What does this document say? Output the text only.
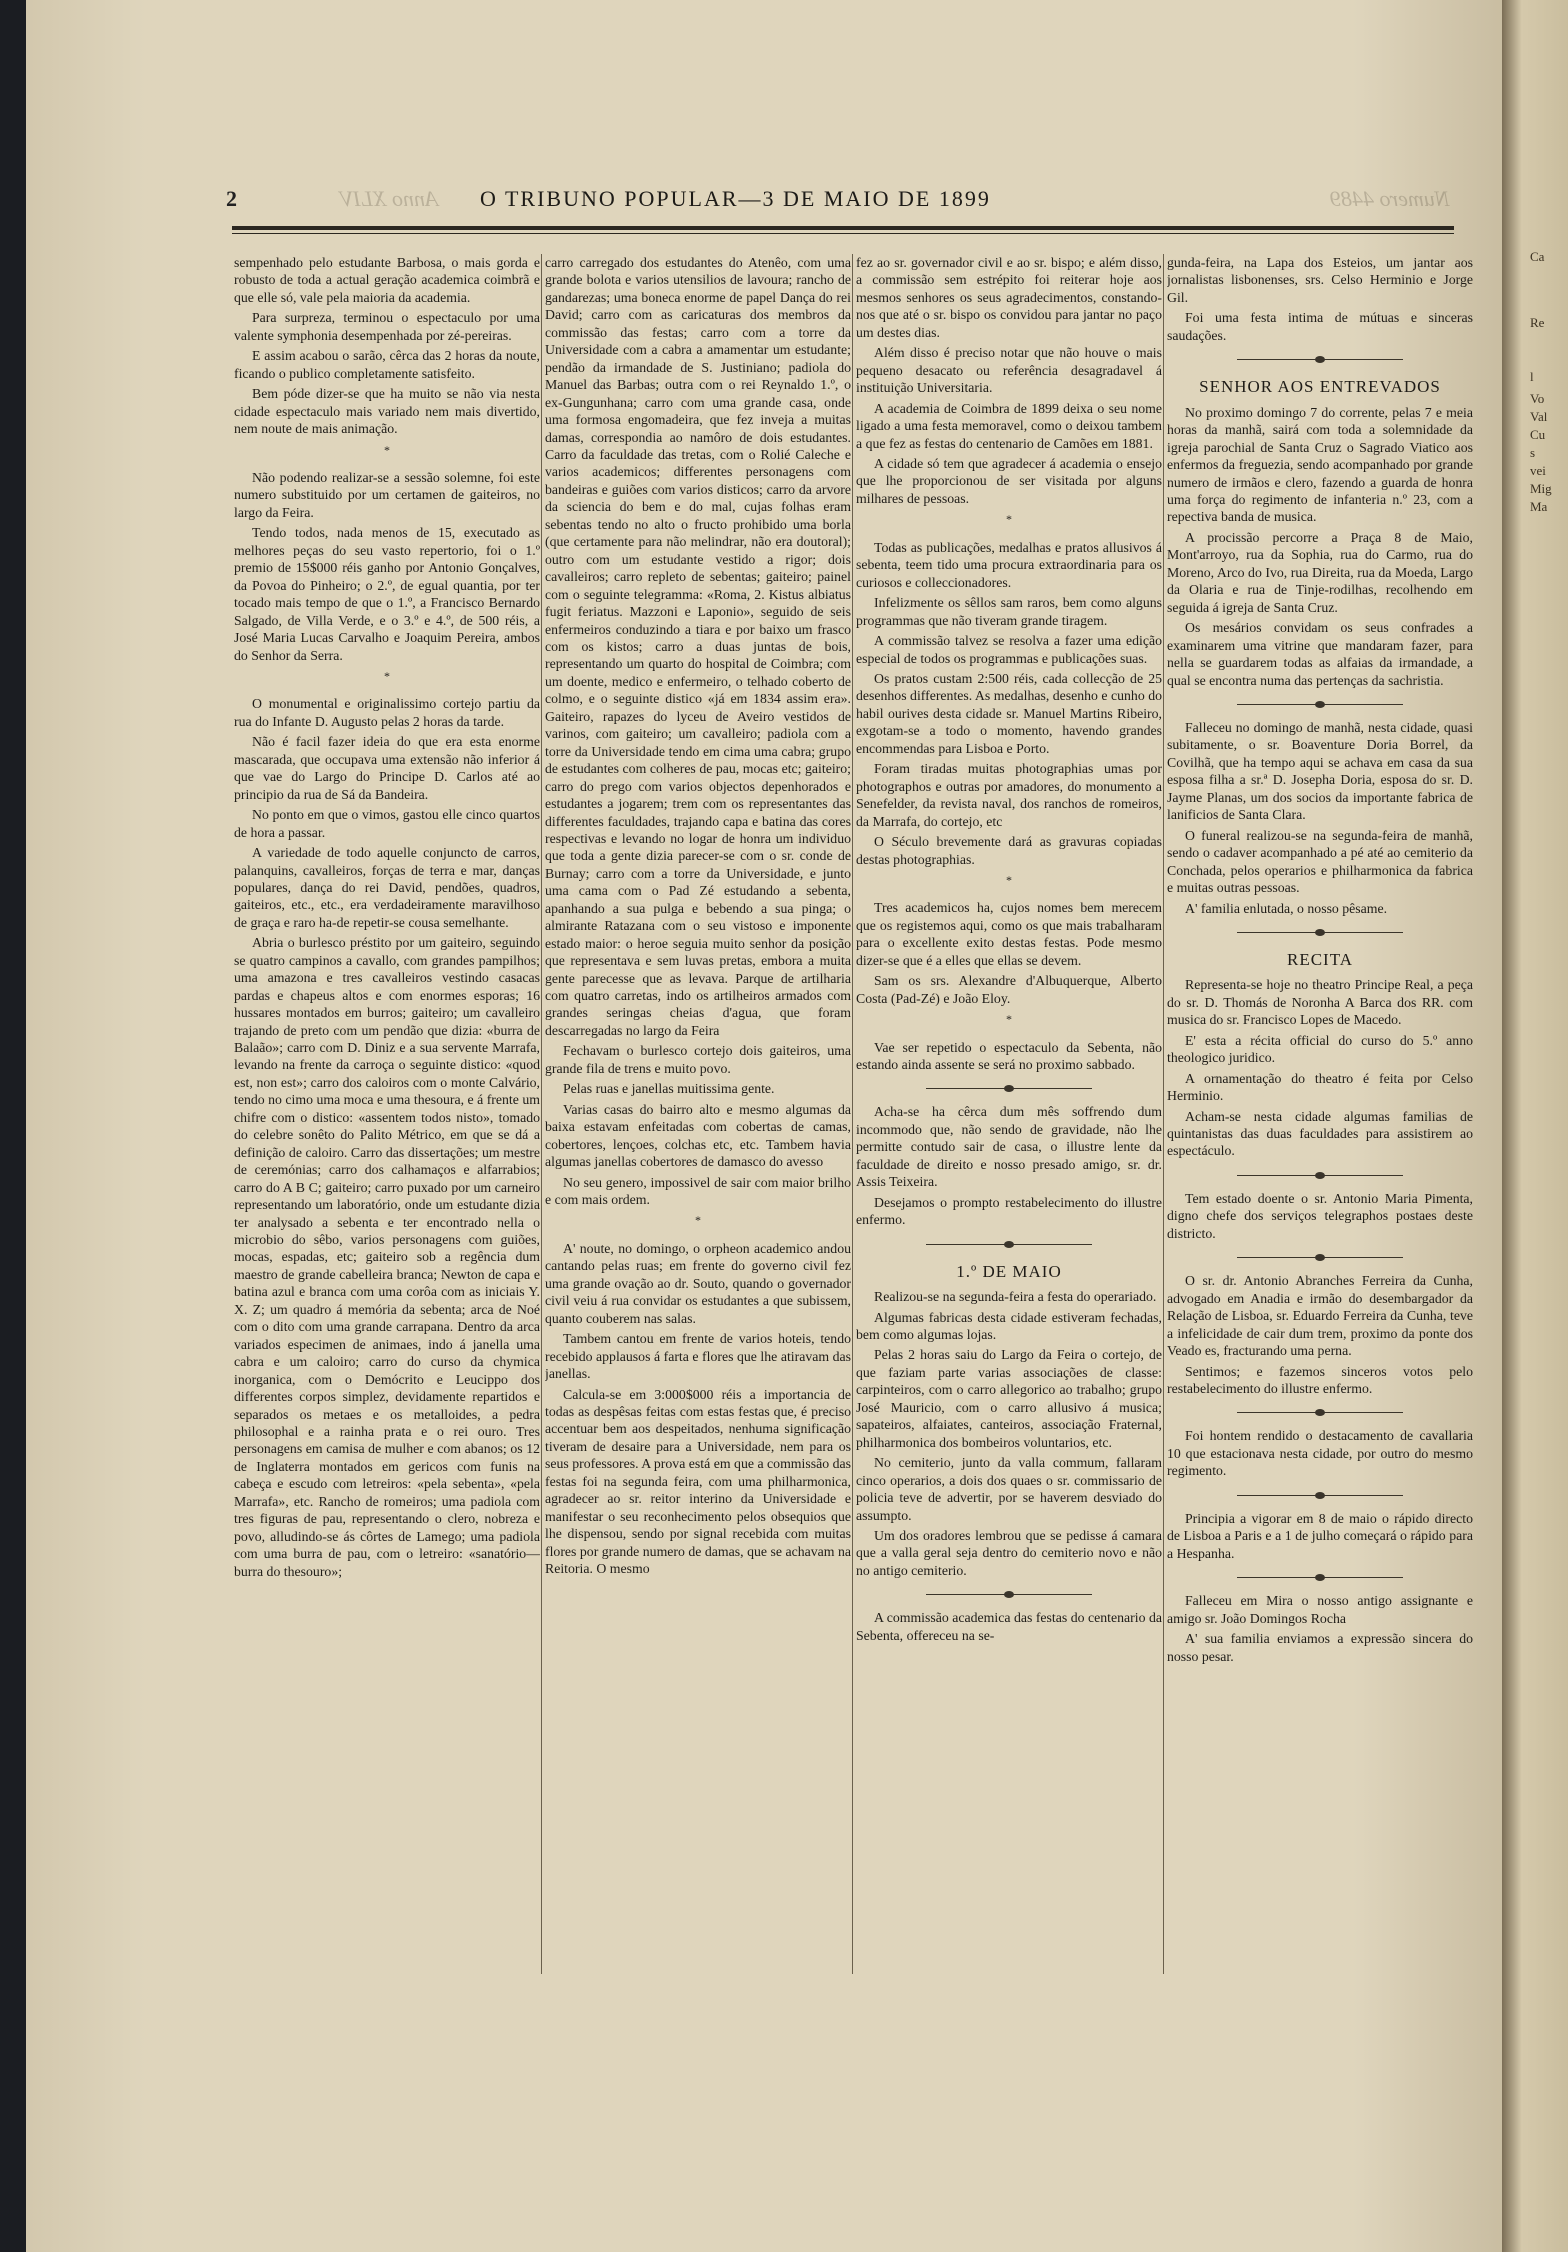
Ca
Re
l
Vo
Val
Cu
s
vei
Mig
Ma
2	Anno XLIV O TRIBUNO POPULAR—3 DE MAIO DE 1899	Numero 4489

sempenhado pelo estudante Barbosa, o mais gorda e robusto de toda a actual geração academica coimbrã e que elle só, vale pela maioria da academia.

Para surpreza, terminou o espectaculo por uma valente symphonia desempenhada por zé-pereiras.

E assim acabou o sarão, cêrca das 2 horas da noute, ficando o publico completamente satisfeito.

Bem póde dizer-se que ha muito se não via nesta cidade espectaculo mais variado nem mais divertido, nem noute de mais animação.

*

Não podendo realizar-se a sessão solemne, foi este numero substituido por um certamen de gaiteiros, no largo da Feira.

Tendo todos, nada menos de 15, executado as melhores peças do seu vasto repertorio, foi o 1.º premio de 15$000 réis ganho por Antonio Gonçalves, da Povoa do Pinheiro; o 2.º, de egual quantia, por ter tocado mais tempo de que o 1.º, a Francisco Bernardo Salgado, de Villa Verde, e o 3.º e 4.º, de 500 réis, a José Maria Lucas Carvalho e Joaquim Pereira, ambos do Senhor da Serra.

*

O monumental e originalissimo cortejo partiu da rua do Infante D. Augusto pelas 2 horas da tarde.

Não é facil fazer ideia do que era esta enorme mascarada, que occupava uma extensão não inferior á que vae do Largo do Principe D. Carlos até ao principio da rua de Sá da Bandeira.

No ponto em que o vimos, gastou elle cinco quartos de hora a passar.

A variedade de todo aquelle conjuncto de carros, palanquins, cavalleiros, forças de terra e mar, danças populares, dança do rei David, pendões, quadros, gaiteiros, etc., etc., era verdadeiramente maravilhoso de graça e raro ha-de repetir-se cousa semelhante.

Abria o burlesco préstito por um gaiteiro, seguindo se quatro campinos a cavallo, com grandes pampilhos; uma amazona e tres cavalleiros vestindo casacas pardas e chapeus altos e com enormes esporas; 16 hussares montados em burros; gaiteiro; um cavalleiro trajando de preto com um pendão que dizia: «burra de Balaão»; carro com D. Diniz e a sua servente Marrafa, levando na frente da carroça o seguinte distico: «quod est, non est»; carro dos caloiros com o monte Calvário, tendo no cimo uma moca e uma thesoura, e á frente um chifre com o distico: «assentem todos nisto», tomado do celebre sonêto do Palito Métrico, em que se dá a definição de caloiro. Carro das dissertações; um mestre de ceremónias; carro dos calhamaços e alfarrabios; carro do A B C; gaiteiro; carro puxado por um carneiro representando um laboratório, onde um estudante dizia ter analysado a sebenta e ter encontrado nella o microbio do sêbo, varios personagens com guiões, mocas, espadas, etc; gaiteiro sob a regência dum maestro de grande cabelleira branca; Newton de capa e batina azul e branca com uma corôa com as iniciais Y. X. Z; um quadro á memória da sebenta; arca de Noé com o dito com uma grande carrapana. Dentro da arca variados especimen de animaes, indo á janella uma cabra e um caloiro; carro do curso da chymica inorganica, com o Demócrito e Leucippo dos differentes corpos simplez, devidamente repartidos e separados os metaes e os metalloides, a pedra philosophal e a rainha prata e o rei ouro. Tres personagens em camisa de mulher e com abanos; os 12 de Inglaterra montados em gericos com funis na cabeça e escudo com letreiros: «pela sebenta», «pela Marrafa», etc. Rancho de romeiros; uma padiola com tres figuras de pau, representando o clero, nobreza e povo, alludindo-se ás côrtes de Lamego; uma padiola com uma burra de pau, com o letreiro: «sanatório—burra do thesouro»;

carro carregado dos estudantes do Atenêo, com uma grande bolota e varios utensilios de lavoura; rancho de gandarezas; uma boneca enorme de papel Dança do rei David; carro com as caricaturas dos membros da commissão das festas; carro com a torre da Universidade com a cabra a amamentar um estudante; pendão da irmandade de S. Justiniano; padiola do Manuel das Barbas; outra com o rei Reynaldo 1.º, o ex-Gungunhana; carro com uma grande casa, onde uma formosa engomadeira, que fez inveja a muitas damas, correspondia ao namôro de dois estudantes. Carro da faculdade das tretas, com o Rolié Caleche e varios academicos; differentes personagens com bandeiras e guiões com varios disticos; carro da arvore da sciencia do bem e do mal, cujas folhas eram sebentas tendo no alto o fructo prohibido uma borla (que certamente para não melindrar, não era doutoral); outro com um estudante vestido a rigor; dois cavalleiros; carro repleto de sebentas; gaiteiro; painel com o seguinte telegramma: «Roma, 2. Kistus albiatus fugit feriatus. Mazzoni e Laponio», seguido de seis enfermeiros conduzindo a tiara e por baixo um frasco com os kistos; carro a duas juntas de bois, representando um quarto do hospital de Coimbra; com um doente, medico e enfermeiro, o telhado coberto de colmo, e o seguinte distico «já em 1834 assim era». Gaiteiro, rapazes do lyceu de Aveiro vestidos de varinos, com gaiteiro; um cavalleiro; padiola com a torre da Universidade tendo em cima uma cabra; grupo de estudantes com colheres de pau, mocas etc; gaiteiro; carro do prego com varios objectos depenhorados e estudantes a jogarem; trem com os representantes das differentes faculdades, trajando capa e batina das cores respectivas e levando no logar de honra um individuo que toda a gente dizia parecer-se com o sr. conde de Burnay; carro com a torre da Universidade, e junto uma cama com o Pad Zé estudando a sebenta, apanhando a sua pulga e bebendo a sua pinga; o almirante Ratazana com o seu vistoso e imponente estado maior: o heroe seguia muito senhor da posição que representava e sem luvas pretas, embora a muita gente parecesse que as levava. Parque de artilharia com quatro carretas, indo os artilheiros armados com grandes seringas cheias d'agua, que foram descarregadas no largo da Feira

Fechavam o burlesco cortejo dois gaiteiros, uma grande fila de trens e muito povo.

Pelas ruas e janellas muitissima gente.

Varias casas do bairro alto e mesmo algumas da baixa estavam enfeitadas com cobertas de camas, cobertores, lençoes, colchas etc, etc. Tambem havia algumas janellas cobertores de damasco do avesso

No seu genero, impossivel de sair com maior brilho e com mais ordem.

*

A' noute, no domingo, o orpheon academico andou cantando pelas ruas; em frente do governo civil fez uma grande ovação ao dr. Souto, quando o governador civil veiu á rua convidar os estudantes a que subissem, quanto couberem nas salas.

Tambem cantou em frente de varios hoteis, tendo recebido applausos á farta e flores que lhe atiravam das janellas.

Calcula-se em 3:000$000 réis a importancia de todas as despêsas feitas com estas festas que, é preciso accentuar bem aos despeitados, nenhuma significação tiveram de desaire para a Universidade, nem para os seus professores. A prova está em que a commissão das festas foi na segunda feira, com uma philharmonica, agradecer ao sr. reitor interino da Universidade e manifestar o seu reconhecimento pelos obsequios que lhe dispensou, sendo por signal recebida com muitas flores por grande numero de damas, que se achavam na Reitoria. O mesmo

fez ao sr. governador civil e ao sr. bispo; e além disso, a commissão sem estrépito foi reiterar hoje aos mesmos senhores os seus agradecimentos, constando-nos que até o sr. bispo os convidou para jantar no paço um destes dias.

Além disso é preciso notar que não houve o mais pequeno desacato ou referência desagradavel á instituição Universitaria.

A academia de Coimbra de 1899 deixa o seu nome ligado a uma festa memoravel, como o deixou tambem a que fez as festas do centenario de Camões em 1881.

A cidade só tem que agradecer á academia o ensejo que lhe proporcionou de ser visitada por alguns milhares de pessoas.

*

Todas as publicações, medalhas e pratos allusivos á sebenta, teem tido uma procura extraordinaria para os curiosos e colleccionadores.

Infelizmente os sêllos sam raros, bem como alguns programmas que não tiveram grande tiragem.

A commissão talvez se resolva a fazer uma edição especial de todos os programmas e publicações suas.

Os pratos custam 2:500 réis, cada collecção de 25 desenhos differentes. As medalhas, desenho e cunho do habil ourives desta cidade sr. Manuel Martins Ribeiro, exgotam-se a todo o momento, havendo grandes encommendas para Lisboa e Porto.

Foram tiradas muitas photographias umas por photographos e outras por amadores, do monumento a Senefelder, da revista naval, dos ranchos de romeiros, da Marrafa, do cortejo, etc

O Século brevemente dará as gravuras copiadas destas photographias.

*

Tres academicos ha, cujos nomes bem merecem que os registemos aqui, como os que mais trabalharam para o excellente exito destas festas. Pode mesmo dizer-se que é a elles que ellas se devem.

Sam os srs. Alexandre d'Albuquerque, Alberto Costa (Pad-Zé) e João Eloy.

*

Vae ser repetido o espectaculo da Sebenta, não estando ainda assente se será no proximo sabbado.

Acha-se ha cêrca dum mês soffrendo dum incommodo que, não sendo de gravidade, não lhe permitte contudo sair de casa, o illustre lente da faculdade de direito e nosso presado amigo, sr. dr. Assis Teixeira.

Desejamos o prompto restabelecimento do illustre enfermo.

1.º DE MAIO

Realizou-se na segunda-feira a festa do operariado.

Algumas fabricas desta cidade estiveram fechadas, bem como algumas lojas.

Pelas 2 horas saiu do Largo da Feira o cortejo, de que faziam parte varias associações de classe: carpinteiros, com o carro allegorico ao trabalho; grupo José Mauricio, com o carro allusivo á musica; sapateiros, alfaiates, canteiros, associação Fraternal, philharmonica dos bombeiros voluntarios, etc.

No cemiterio, junto da valla commum, fallaram cinco operarios, a dois dos quaes o sr. commissario de policia teve de advertir, por se haverem desviado do assumpto.

Um dos oradores lembrou que se pedisse á camara que a valla geral seja dentro do cemiterio novo e não no antigo cemiterio.

A commissão academica das festas do centenario da Sebenta, offereceu na se-

gunda-feira, na Lapa dos Esteios, um jantar aos jornalistas lisbonenses, srs. Celso Herminio e Jorge Gil.

Foi uma festa intima de mútuas e sinceras saudações.

SENHOR AOS ENTREVADOS

No proximo domingo 7 do corrente, pelas 7 e meia horas da manhã, sairá com toda a solemnidade da igreja parochial de Santa Cruz o Sagrado Viatico aos enfermos da freguezia, sendo acompanhado por grande numero de irmãos e clero, fazendo a guarda de honra uma força do regimento de infanteria n.º 23, com a repectiva banda de musica.

A procissão percorre a Praça 8 de Maio, Mont'arroyo, rua da Sophia, rua do Carmo, rua do Moreno, Arco do Ivo, rua Direita, rua da Moeda, Largo da Olaria e rua de Tinje-rodilhas, recolhendo em seguida á igreja de Santa Cruz.

Os mesários convidam os seus confrades a examinarem uma vitrine que mandaram fazer, para nella se guardarem todas as alfaias da irmandade, a qual se encontra numa das pertenças da sachristia.

Falleceu no domingo de manhã, nesta cidade, quasi subitamente, o sr. Boaventure Doria Borrel, da Covilhã, que ha tempo aqui se achava em casa da sua esposa filha a sr.ª D. Josepha Doria, esposa do sr. D. Jayme Planas, um dos socios da importante fabrica de lanificios de Santa Clara.

O funeral realizou-se na segunda-feira de manhã, sendo o cadaver acompanhado a pé até ao cemiterio da Conchada, pelos operarios e philharmonica da fabrica e muitas outras pessoas.

A' familia enlutada, o nosso pêsame.

RECITA

Representa-se hoje no theatro Principe Real, a peça do sr. D. Thomás de Noronha A Barca dos RR. com musica do sr. Francisco Lopes de Macedo.

E' esta a récita official do curso do 5.º anno theologico juridico.

A ornamentação do theatro é feita por Celso Herminio.

Acham-se nesta cidade algumas familias de quintanistas das duas faculdades para assistirem ao espectáculo.

Tem estado doente o sr. Antonio Maria Pimenta, digno chefe dos serviços telegraphos postaes deste districto.

O sr. dr. Antonio Abranches Ferreira da Cunha, advogado em Anadia e irmão do desembargador da Relação de Lisboa, sr. Eduardo Ferreira da Cunha, teve a infelicidade de cair dum trem, proximo da ponte dos Veado es, fracturando uma perna.

Sentimos; e fazemos sinceros votos pelo restabelecimento do illustre enfermo.

Foi hontem rendido o destacamento de cavallaria 10 que estacionava nesta cidade, por outro do mesmo regimento.

Principia a vigorar em 8 de maio o rápido directo de Lisboa a Paris e a 1 de julho começará o rápido para a Hespanha.

Falleceu em Mira o nosso antigo assignante e amigo sr. João Domingos Rocha

A' sua familia enviamos a expressão sincera do nosso pesar.
